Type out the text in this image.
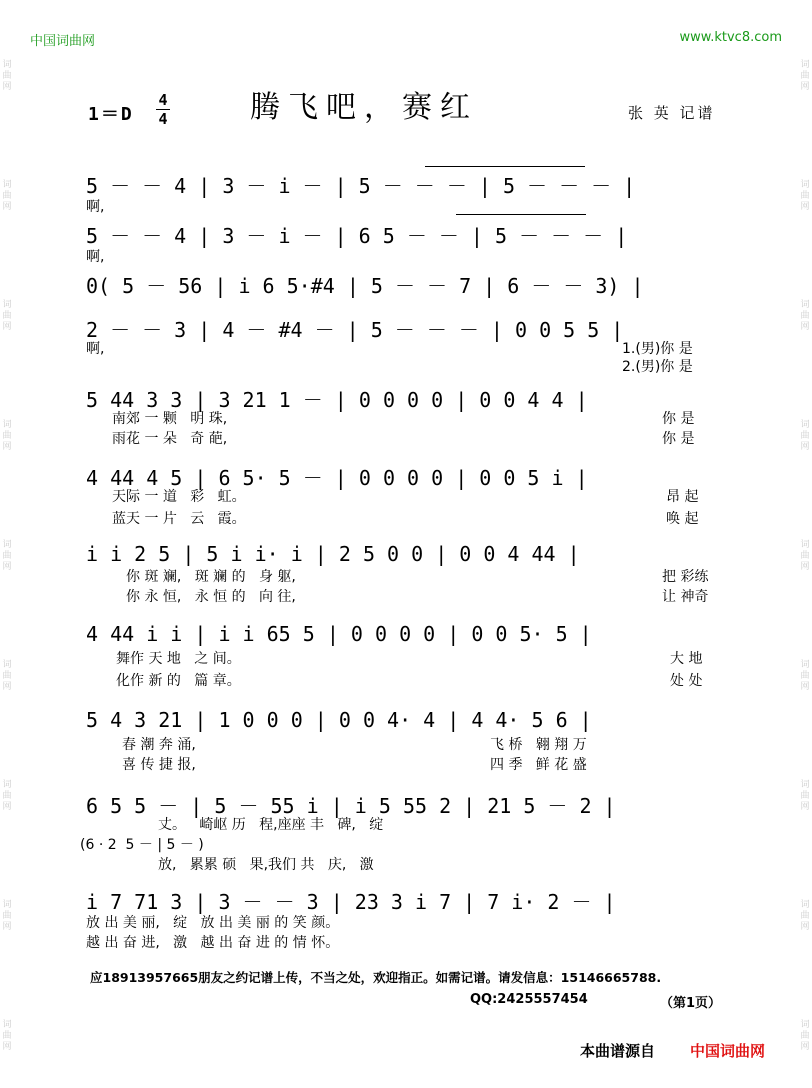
中国词曲网	www.ktvc8.com
词曲网
词曲网
词曲网
词曲网
词曲网
词曲网
词曲网
词曲网
词曲网
词曲网
词曲网
词曲网
词曲网
词曲网
词曲网
词曲网
词曲网
词曲网
1＝D
4
4	腾飞吧，赛红	张 英 记谱
5 － － 4 | 3 － i － | 5 － － － | 5 － － － |
啊,
5 － － 4 | 3 － i － | 6 5 － － | 5 － － － |
啊,
0( 5 － 56 | i 6 5·#4 | 5 － － 7 | 6 － － 3) |
2 － － 3 | 4 － #4 － | 5 － － － | 0 0 5 5 |
啊,	1.(男)你 是
2.(男)你 是
5 44 3 3 | 3 21 1 － | 0 0 0 0 | 0 0 4 4 |
南郊 一 颗   明 珠,
雨花 一 朵   奇 葩,
你 是
你 是
4 44 4 5 | 6 5· 5 － | 0 0 0 0 | 0 0 5 i |
天际 一 道   彩   虹。
蓝天 一 片   云   霞。
昂 起
唤 起
i i 2 5 | 5 i i· i | 2 5 0 0 | 0 0 4 44 |
你 斑 斓,   斑 斓 的   身 躯,
你 永 恒,   永 恒 的   向 往,
把 彩练
让 神奇
4 44 i i | i i 65 5 | 0 0 0 0 | 0 0 5· 5 |
舞作 天 地   之 间。
化作 新 的   篇 章。
大 地
处 处
5 4 3 21 | 1 0 0 0 | 0 0 4· 4 | 4 4· 5 6 |
春 潮 奔 涌,
喜 传 捷 报,
飞 桥   翱 翔 万
四 季   鲜 花 盛
6 5 5 － | 5 － 55 i | i 5 55 2 | 21 5 － 2 |
丈。   崎岖 历   程,座座 丰   碑,   绽
(6 · 2  5 － | 5 － )
放,   累累 硕   果,我们 共   庆,   激
i 7 71 3 | 3 － － 3 | 23 3 i 7 | 7 i· 2 － |
放 出 美 丽,   绽   放 出 美 丽 的 笑 颜。
越 出 奋 进,   激   越 出 奋 进 的 情 怀。
应18913957665朋友之约记谱上传，不当之处，欢迎指正。如需记谱。请发信息：15146665788.
QQ:2425557454	（第1页）
本曲谱源自 中国词曲网
